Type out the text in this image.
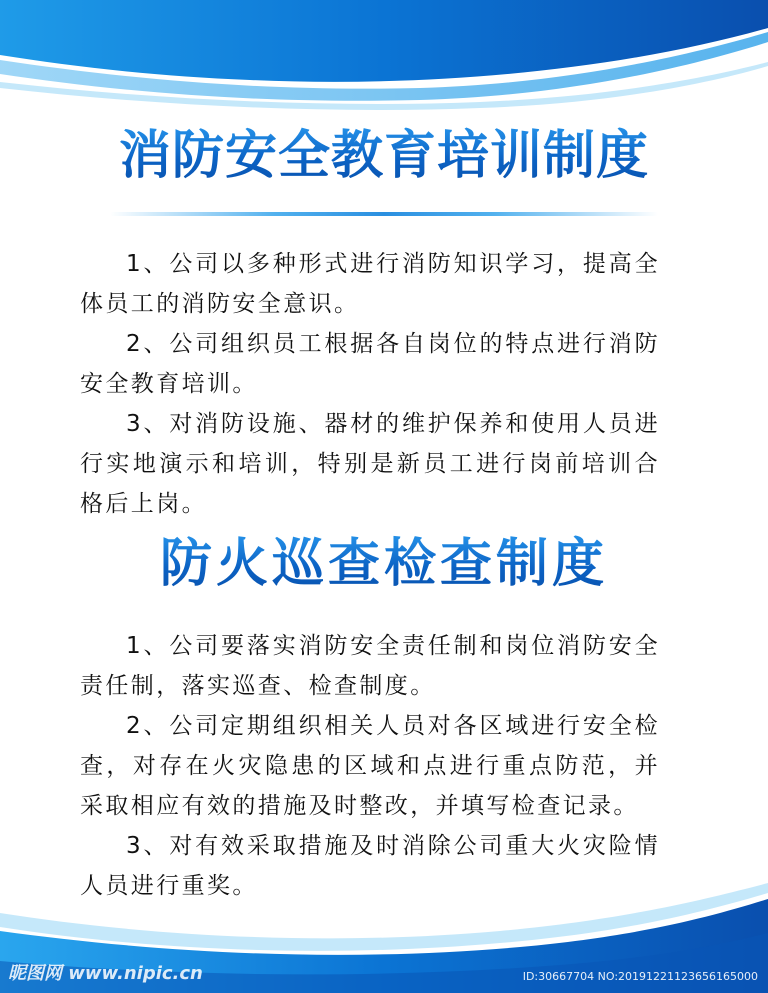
消防安全教育培训制度

1、公司以多种形式进行消防知识学习，提高全体员工的消防安全意识。

2、公司组织员工根据各自岗位的特点进行消防安全教育培训。

3、对消防设施、器材的维护保养和使用人员进行实地演示和培训，特别是新员工进行岗前培训合格后上岗。

防火巡查检查制度

1、公司要落实消防安全责任制和岗位消防安全责任制，落实巡查、检查制度。

2、公司定期组织相关人员对各区域进行安全检查，对存在火灾隐患的区域和点进行重点防范，并采取相应有效的措施及时整改，并填写检查记录。

3、对有效采取措施及时消除公司重大火灾险情人员进行重奖。

昵图网 www.nipic.cn	ID:30667704 NO:20191221123656165000
